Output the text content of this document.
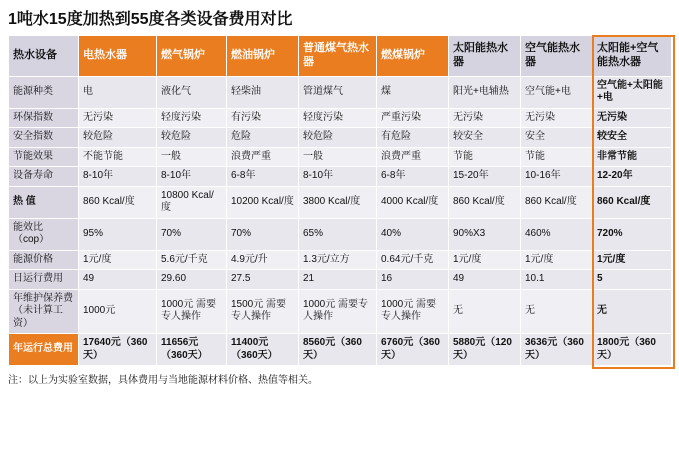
1吨水15度加热到55度各类设备费用对比
热水设备	电热水器	燃气锅炉	燃油锅炉	普通煤气热水器	燃煤锅炉	太阳能热水器	空气能热水器	太阳能+空气能热水器
能源种类	电	液化气	轻柴油	管道煤气	煤	阳光+电辅热	空气能+电	空气能+太阳能+电
环保指数	无污染	轻度污染	有污染	轻度污染	严重污染	无污染	无污染	无污染
安全指数	较危险	较危险	危险	较危险	有危险	较安全	安全	较安全
节能效果	不能节能	一般	浪费严重	一般	浪费严重	节能	节能	非常节能
设备寿命	8-10年	8-10年	6-8年	8-10年	6-8年	15-20年	10-16年	12-20年
热 值	860 Kcal/度	10800 Kcal/度	10200 Kcal/度	3800 Kcal/度	4000 Kcal/度	860 Kcal/度	860 Kcal/度	860 Kcal/度
能效比（cop）	95%	70%	70%	65%	40%	90%X3	460%	720%
能源价格	1元/度	5.6元/千克	4.9元/升	1.3元/立方	0.64元/千克	1元/度	1元/度	1元/度
日运行费用	49	29.60	27.5	21	16	49	10.1	5
年维护保养费（未计算工资）	1000元	1000元 需要专人操作	1500元 需要专人操作	1000元 需要专人操作	1000元 需要专人操作	无	无	无
年运行总费用	17640元（360天）	11656元（360天）	11400元（360天）	8560元（360天）	6760元（360天）	5880元（120天）	3636元（360天）	1800元（360天）
注：以上为实验室数据，具体费用与当地能源材料价格、热值等相关。
